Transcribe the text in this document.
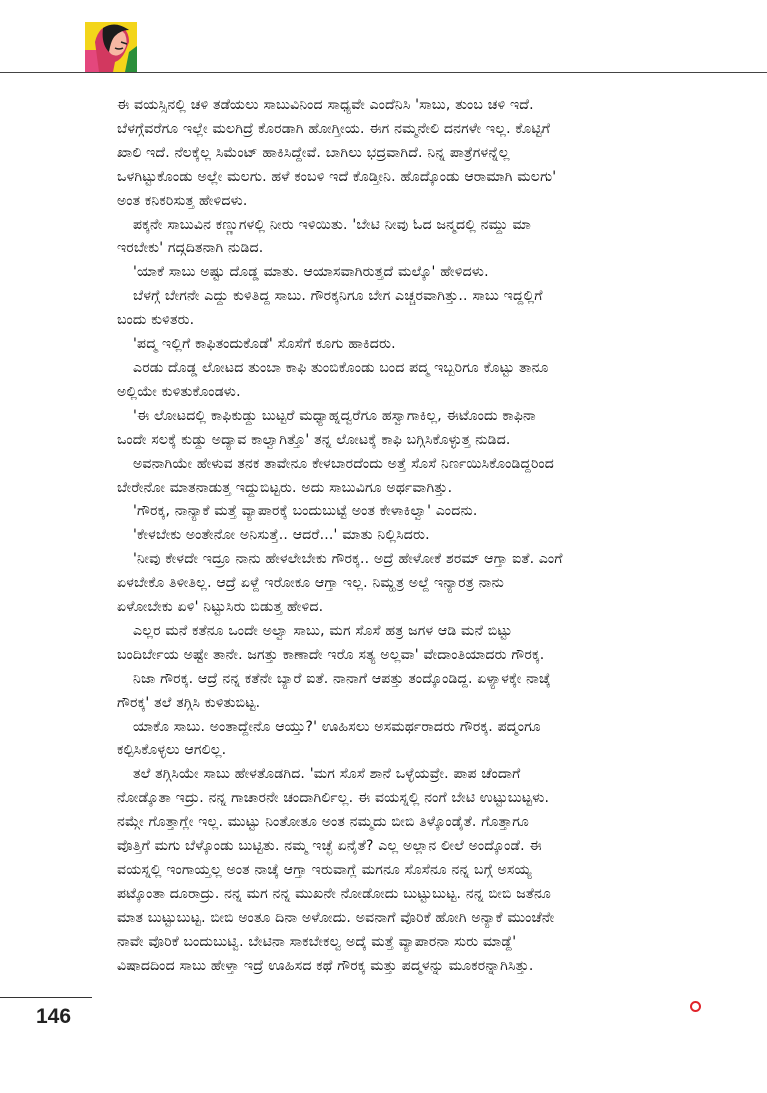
ಈ ವಯಸ್ಸಿನಲ್ಲಿ ಚಳಿ ತಡೆಯಲು ಸಾಬುವಿನಿಂದ ಸಾಧ್ಯವೇ ಎಂದೆನಿಸಿ 'ಸಾಬು, ತುಂಬ ಚಳಿ ಇದೆ.

ಬೆಳಗ್ಗೆವರೆಗೂ ಇಲ್ಲೇ ಮಲಗಿದ್ರೆ ಕೊರಡಾಗಿ ಹೋಗ್ತೀಯ. ಈಗ ನಮ್ಮನೇಲಿ ದನಗಳೇ ಇಲ್ಲ. ಕೊಟ್ಟಿಗೆ

ಖಾಲಿ ಇದೆ. ನೆಲಕ್ಕೆಲ್ಲ ಸಿಮೆಂಟ್ ಹಾಕಿಸಿದ್ದೇವೆ. ಬಾಗಿಲು ಭದ್ರವಾಗಿದೆ. ನಿನ್ನ ಪಾತ್ರೆಗಳನ್ನೆಲ್ಲ

ಒಳಗಿಟ್ಟುಕೊಂಡು ಅಲ್ಲೇ ಮಲಗು. ಹಳೆ ಕಂಬಳಿ ಇದೆ ಕೊಡ್ತೀನಿ. ಹೊದ್ಕೊಂಡು ಆರಾಮಾಗಿ ಮಲಗು'

ಅಂತ ಕನಿಕರಿಸುತ್ತ ಹೇಳಿದಳು.

ಪಕ್ಕನೇ ಸಾಬುವಿನ ಕಣ್ಣುಗಳಲ್ಲಿ ನೀರು ಇಳಿಯಿತು. 'ಬೇಟಿ ನೀವು ಓದ ಜನ್ಮದಲ್ಲಿ ನಮ್ದು ಮಾ

ಇರಬೇಕು' ಗದ್ಗದಿತನಾಗಿ ನುಡಿದ.

'ಯಾಕೆ ಸಾಬು ಅಷ್ಟು ದೊಡ್ಡ ಮಾತು. ಆಯಾಸವಾಗಿರುತ್ತದೆ ಮಲ್ಕೊ' ಹೇಳಿದಳು.

ಬೆಳಗ್ಗೆ ಬೇಗನೇ ಎದ್ದು ಕುಳಿತಿದ್ದ ಸಾಬು. ಗೌರಕ್ಕನಿಗೂ ಬೇಗ ಎಚ್ಚರವಾಗಿತ್ತು.. ಸಾಬು ಇದ್ದಲ್ಲಿಗೆ

ಬಂದು ಕುಳಿತರು.

'ಪದ್ಮ ಇಲ್ಲಿಗೆ ಕಾಫಿತಂದುಕೊಡೆ' ಸೊಸೆಗೆ ಕೂಗು ಹಾಕಿದರು.

ಎರಡು ದೊಡ್ಡ ಲೋಟದ ತುಂಬಾ ಕಾಫಿ ತುಂಬಿಕೊಂಡು ಬಂದ ಪದ್ಮ ಇಬ್ಬರಿಗೂ ಕೊಟ್ಟು ತಾನೂ

ಅಲ್ಲಿಯೇ ಕುಳಿತುಕೊಂಡಳು.

'ಈ ಲೋಟದಲ್ಲಿ ಕಾಫಿಕುಡ್ದು ಬುಟ್ಟರೆ ಮಧ್ಯಾಹ್ನದ್ವರೆಗೂ ಹಸ್ವಾಗಾಕಿಲ್ಲ, ಈಟೊಂದು ಕಾಫಿನಾ

ಒಂದೇ ಸಲಕ್ಕೆ ಕುಡ್ದು ಅದ್ಯಾವ ಕಾಲ್ವಾಗಿತ್ತೊ' ತನ್ನ ಲೋಟಕ್ಕೆ ಕಾಫಿ ಬಗ್ಗಿಸಿಕೊಳ್ಳುತ್ತ ನುಡಿದ.

ಅವನಾಗಿಯೇ ಹೇಳುವ ತನಕ ತಾವೇನೂ ಕೇಳಬಾರದೆಂದು ಅತ್ತೆ ಸೊಸೆ ನಿರ್ಣಯಿಸಿಕೊಂಡಿದ್ದರಿಂದ

ಬೇರೇನೋ ಮಾತನಾಡುತ್ತ ಇದ್ದುಬಿಟ್ಟರು. ಅದು ಸಾಬುವಿಗೂ ಅರ್ಥವಾಗಿತ್ತು.

'ಗೌರಕ್ಕ, ನಾನ್ಯಾಕೆ ಮತ್ತೆ ವ್ಯಾಪಾರಕ್ಕೆ ಬಂದುಬುಟ್ಟೆ ಅಂತ ಕೇಳಾಕಿಲ್ವಾ' ಎಂದನು.

'ಕೇಳಬೇಕು ಅಂತೇನೋ ಅನಿಸುತ್ತೆ.. ಆದರೆ...' ಮಾತು ನಿಲ್ಲಿಸಿದರು.

'ನೀವು ಕೇಳದೇ ಇದ್ರೂ ನಾನು ಹೇಳಲೇಬೇಕು ಗೌರಕ್ಕ.. ಅದ್ರೆ ಹೇಳೋಕೆ ಶರಮ್ ಆಗ್ತಾ ಐತೆ. ಎಂಗೆ

ಏಳಬೇಕೊ ತಿಳೀತಿಲ್ಲ. ಆದ್ರೆ ಏಳ್ದೆ ಇರೋಕೂ ಆಗ್ತಾ ಇಲ್ಲ. ನಿಮ್ಹತ್ರ ಅಲ್ದೆ ಇನ್ಯಾರತ್ರ ನಾನು

ಏಳೋಬೇಕು ಏಳಿ' ನಿಟ್ಟುಸಿರು ಬಿಡುತ್ತ ಹೇಳಿದ.

ಎಲ್ಲರ ಮನೆ ಕತೆನೂ ಒಂದೇ ಅಲ್ವಾ ಸಾಬು, ಮಗ ಸೊಸೆ ಹತ್ರ ಜಗಳ ಆಡಿ ಮನೆ ಬಿಟ್ಟು

ಬಂದಿರ್ಬೇಯ ಅಷ್ಟೇ ತಾನೇ. ಜಗತ್ತು ಕಾಣಾದೇ ಇರೊ ಸತ್ಯ ಅಲ್ಲವಾ' ವೇದಾಂತಿಯಾದರು ಗೌರಕ್ಕ.

ನಿಜಾ ಗೌರಕ್ಕ. ಆದ್ರೆ ನನ್ನ ಕತೆನೇ ಬ್ಯಾರೆ ಐತೆ. ನಾನಾಗೆ ಆಪತ್ತು ತಂದ್ಕೊಂಡಿದ್ದ. ಏಳ್ಯಾಳಕ್ಕೇ ನಾಚ್ಕೆ

ಗೌರಕ್ಕ' ತಲೆ ತಗ್ಗಿಸಿ ಕುಳಿತುಬಿಟ್ಟ.

ಯಾಕೊ ಸಾಬು. ಅಂತಾದ್ದೇನೊ ಆಯ್ತು?' ಊಹಿಸಲು ಅಸಮರ್ಥರಾದರು ಗೌರಕ್ಕ. ಪದ್ಮಂಗೂ

ಕಲ್ಪಿಸಿಕೊಳ್ಳಲು ಆಗಲಿಲ್ಲ.

ತಲೆ ತಗ್ಗಿಸಿಯೇ ಸಾಬು ಹೇಳತೊಡಗಿದ. 'ಮಗ ಸೊಸೆ ಶಾನೆ ಒಳ್ಳೆಯವ್ರೇ. ಪಾಪ ಚೆಂದಾಗೆ

ನೋಡ್ಕೊತಾ ಇದ್ರು. ನನ್ನ ಗಾಚಾರನೇ ಚಂದಾಗಿರ್ಲಿಲ್ಲ. ಈ ವಯಸ್ನಲ್ಲಿ ನಂಗೆ ಬೇಟಿ ಉಟ್ಟುಬುಟ್ಟಳು.

ನಮ್ಗೇ ಗೊತ್ತಾಗ್ಲೇ ಇಲ್ಲ. ಮುಟ್ಟು ನಿಂತೋತೂ ಅಂತ ನಮ್ಮದು ಬೀಬಿ ತಿಳ್ಕೊಂಡೈತೆ. ಗೊತ್ತಾಗೂ

ವೊತ್ತಿಗೆ ಮಗು ಬೆಳ್ಕೊಂಡು ಬುಟ್ಟಿತು. ನಮ್ಮ ಇಚ್ಛೆ ಏನೈತೆ? ಎಲ್ಲ ಅಲ್ಲಾನ ಲೀಲೆ ಅಂದ್ಕೊಂಡೆ. ಈ

ವಯಸ್ನಲ್ಲಿ ಇಂಗಾಯ್ತಲ್ಲ ಅಂತ ನಾಚ್ಕೆ ಆಗ್ತಾ ಇರುವಾಗ್ಲೆ ಮಗನೂ ಸೊಸೆನೂ ನನ್ನ ಬಗ್ಗೆ ಅಸಯ್ಯ

ಪಟ್ಕೊಂತಾ ದೂರಾದ್ರು. ನನ್ನ ಮಗ ನನ್ನ ಮುಖನೇ ನೋಡೋದು ಬುಟ್ಟುಬುಟ್ಟ. ನನ್ನ ಬೀಬಿ ಜತೆನೂ

ಮಾತ ಬುಟ್ಟುಬುಟ್ಟ. ಬೀಬಿ ಅಂತೂ ದಿನಾ ಅಳೋದು. ಅವನಾಗೆ ವೊರಿಕೆ ಹೋಗಿ ಅನ್ಯಾಕೆ ಮುಂಚೆನೇ

ನಾವೇ ವೊರಿಕೆ ಬಂದುಬುಟ್ವಿ. ಬೇಟಿನಾ ಸಾಕಬೇಕಲ್ವ ಅದ್ಕೆ ಮತ್ತೆ ವ್ಯಾಪಾರನಾ ಸುರು ಮಾಡ್ದೆ'

ವಿಷಾದದಿಂದ ಸಾಬು ಹೇಳ್ತಾ ಇದ್ರೆ ಊಹಿಸದ ಕಥೆ ಗೌರಕ್ಕ ಮತ್ತು ಪದ್ಮಳನ್ನು ಮೂಕರನ್ನಾಗಿಸಿತ್ತು.

146
